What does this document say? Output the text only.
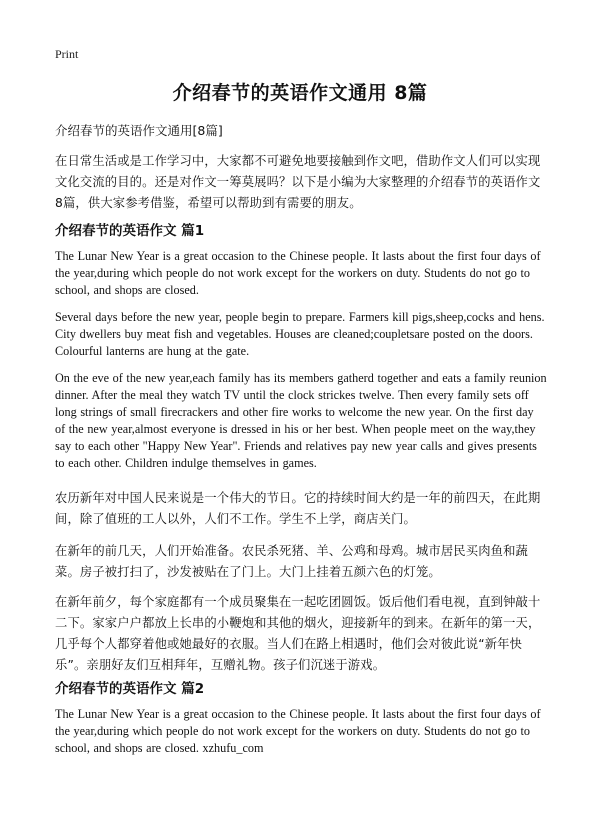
Print
介绍春节的英语作文通用 8篇
介绍春节的英语作文通用[8篇]
在日常生活或是工作学习中，大家都不可避免地要接触到作文吧，借助作文人们可以实现文化交流的目的。还是对作文一筹莫展吗？以下是小编为大家整理的介绍春节的英语作文8篇，供大家参考借鉴，希望可以帮助到有需要的朋友。
介绍春节的英语作文 篇1
The Lunar New Year is a great occasion to the Chinese people. It lasts about the first four days of the year,during which people do not work except for the workers on duty. Students do not go to school, and shops are closed.
Several days before the new year, people begin to prepare. Farmers kill pigs,sheep,cocks and hens. City dwellers buy meat fish and vegetables. Houses are cleaned;coupletsare posted on the doors. Colourful lanterns are hung at the gate.
On the eve of the new year,each family has its members gatherd together and eats a family reunion dinner. After the meal they watch TV until the clock strickes twelve. Then every family sets off long strings of small firecrackers and other fire works to welcome the new year. On the first day of the new year,almost everyone is dressed in his or her best. When people meet on the way,they say to each other "Happy New Year". Friends and relatives pay new year calls and gives presents to each other. Children indulge themselves in games.
农历新年对中国人民来说是一个伟大的节日。它的持续时间大约是一年的前四天，在此期间，除了值班的工人以外，人们不工作。学生不上学，商店关门。
在新年的前几天，人们开始准备。农民杀死猪、羊、公鸡和母鸡。城市居民买肉鱼和蔬菜。房子被打扫了，沙发被贴在了门上。大门上挂着五颜六色的灯笼。
在新年前夕，每个家庭都有一个成员聚集在一起吃团圆饭。饭后他们看电视，直到钟敲十二下。家家户户都放上长串的小鞭炮和其他的烟火，迎接新年的到来。在新年的第一天，几乎每个人都穿着他或她最好的衣服。当人们在路上相遇时，他们会对彼此说“新年快乐”。亲朋好友们互相拜年，互赠礼物。孩子们沉迷于游戏。
介绍春节的英语作文 篇2
The Lunar New Year is a great occasion to the Chinese people. It lasts about the first four days of the year,during which people do not work except for the workers on duty. Students do not go to school, and shops are closed. xzhufu_com
